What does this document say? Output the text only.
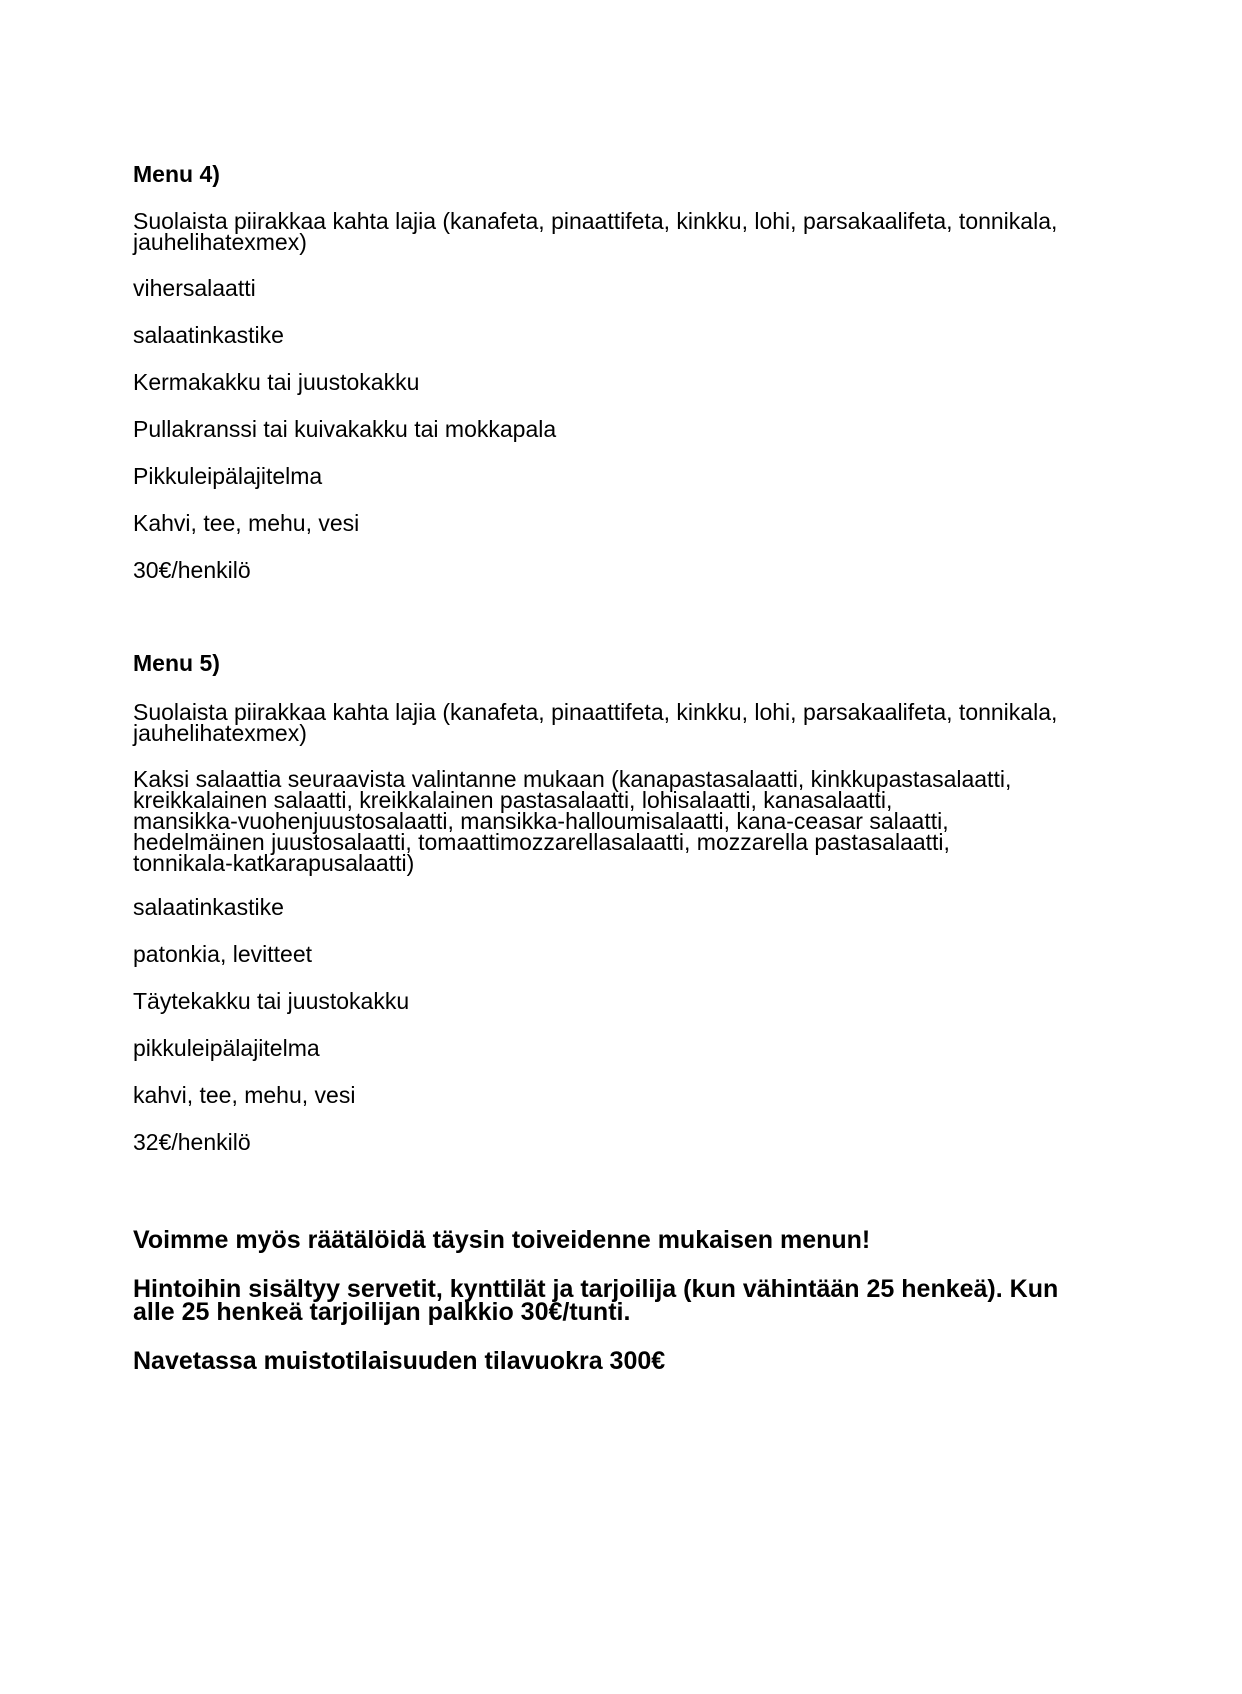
Menu 4)
Suolaista piirakkaa kahta lajia (kanafeta, pinaattifeta, kinkku, lohi, parsakaalifeta, tonnikala,
jauhelihatexmex)
vihersalaatti
salaatinkastike
Kermakakku tai juustokakku
Pullakranssi tai kuivakakku tai mokkapala
Pikkuleipälajitelma
Kahvi, tee, mehu, vesi
30€/henkilö
Menu 5)
Suolaista piirakkaa kahta lajia (kanafeta, pinaattifeta, kinkku, lohi, parsakaalifeta, tonnikala,
jauhelihatexmex)
Kaksi salaattia seuraavista valintanne mukaan (kanapastasalaatti, kinkkupastasalaatti,
kreikkalainen salaatti, kreikkalainen pastasalaatti, lohisalaatti, kanasalaatti,
mansikka-vuohenjuustosalaatti, mansikka-halloumisalaatti, kana-ceasar salaatti,
hedelmäinen juustosalaatti, tomaattimozzarellasalaatti, mozzarella pastasalaatti,
tonnikala-katkarapusalaatti)
salaatinkastike
patonkia, levitteet
Täytekakku tai juustokakku
pikkuleipälajitelma
kahvi, tee, mehu, vesi
32€/henkilö
Voimme myös räätälöidä täysin toiveidenne mukaisen menun!
Hintoihin sisältyy servetit, kynttilät ja tarjoilija (kun vähintään 25 henkeä). Kun
alle 25 henkeä tarjoilijan palkkio 30€/tunti.
Navetassa muistotilaisuuden tilavuokra 300€
